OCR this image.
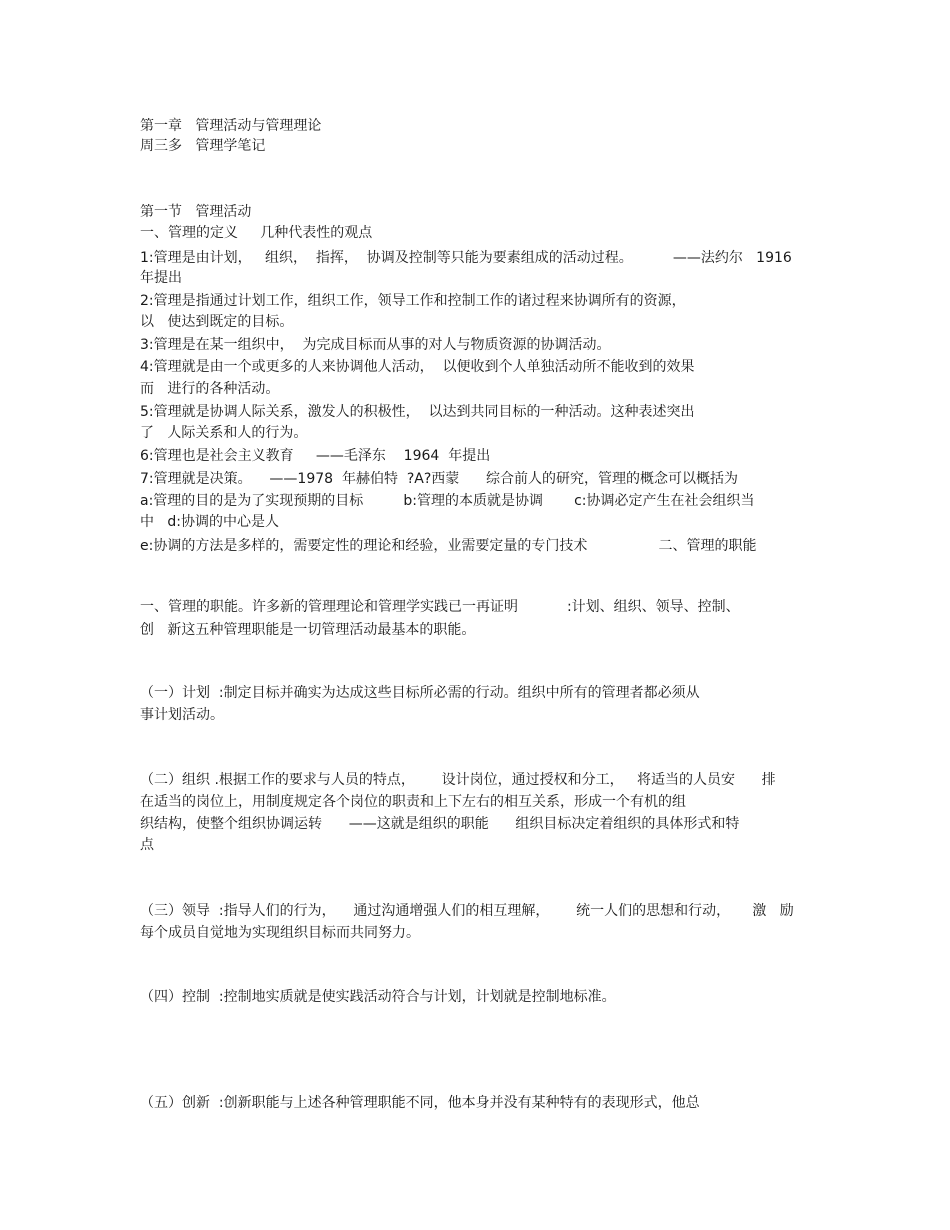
第一章   管理活动与管理理论
周三多   管理学笔记
第一节   管理活动
一、管理的定义     几种代表性的观点
1:管理是由计划，   组织，  指挥，  协调及控制等只能为要素组成的活动过程。         ——法约尔   1916
年提出
2:管理是指通过计划工作，组织工作，领导工作和控制工作的诸过程来协调所有的资源，
以   使达到既定的目标。
3:管理是在某一组织中，  为完成目标而从事的对人与物质资源的协调活动。
4:管理就是由一个或更多的人来协调他人活动，  以便收到个人单独活动所不能收到的效果
而   进行的各种活动。
5:管理就是协调人际关系，激发人的积极性，  以达到共同目标的一种活动。这种表述突出
了   人际关系和人的行为。
6:管理也是社会主义教育     ——毛泽东    1964  年提出
7:管理就是决策。    ——1978  年赫伯特  ?A?西蒙      综合前人的研究，管理的概念可以概括为
a:管理的目的是为了实现预期的目标         b:管理的本质就是协调       c:协调必定产生在社会组织当
中   d:协调的中心是人
e:协调的方法是多样的，需要定性的理论和经验，业需要定量的专门技术                二、管理的职能
一、管理的职能。许多新的管理理论和管理学实践已一再证明           :计划、组织、领导、控制、
创   新这五种管理职能是一切管理活动最基本的职能。
（一）计划  :制定目标并确实为达成这些目标所必需的行动。组织中所有的管理者都必须从
事计划活动。
（二）组织 .根据工作的要求与人员的特点，      设计岗位，通过授权和分工，   将适当的人员安      排
在适当的岗位上，用制度规定各个岗位的职责和上下左右的相互关系，形成一个有机的组
织结构，使整个组织协调运转      ——这就是组织的职能      组织目标决定着组织的具体形式和特
点
（三）领导  :指导人们的行为，    通过沟通增强人们的相互理解，      统一人们的思想和行动，     激   励
每个成员自觉地为实现组织目标而共同努力。
（四）控制  :控制地实质就是使实践活动符合与计划，计划就是控制地标准。
（五）创新  :创新职能与上述各种管理职能不同，他本身并没有某种特有的表现形式，他总
